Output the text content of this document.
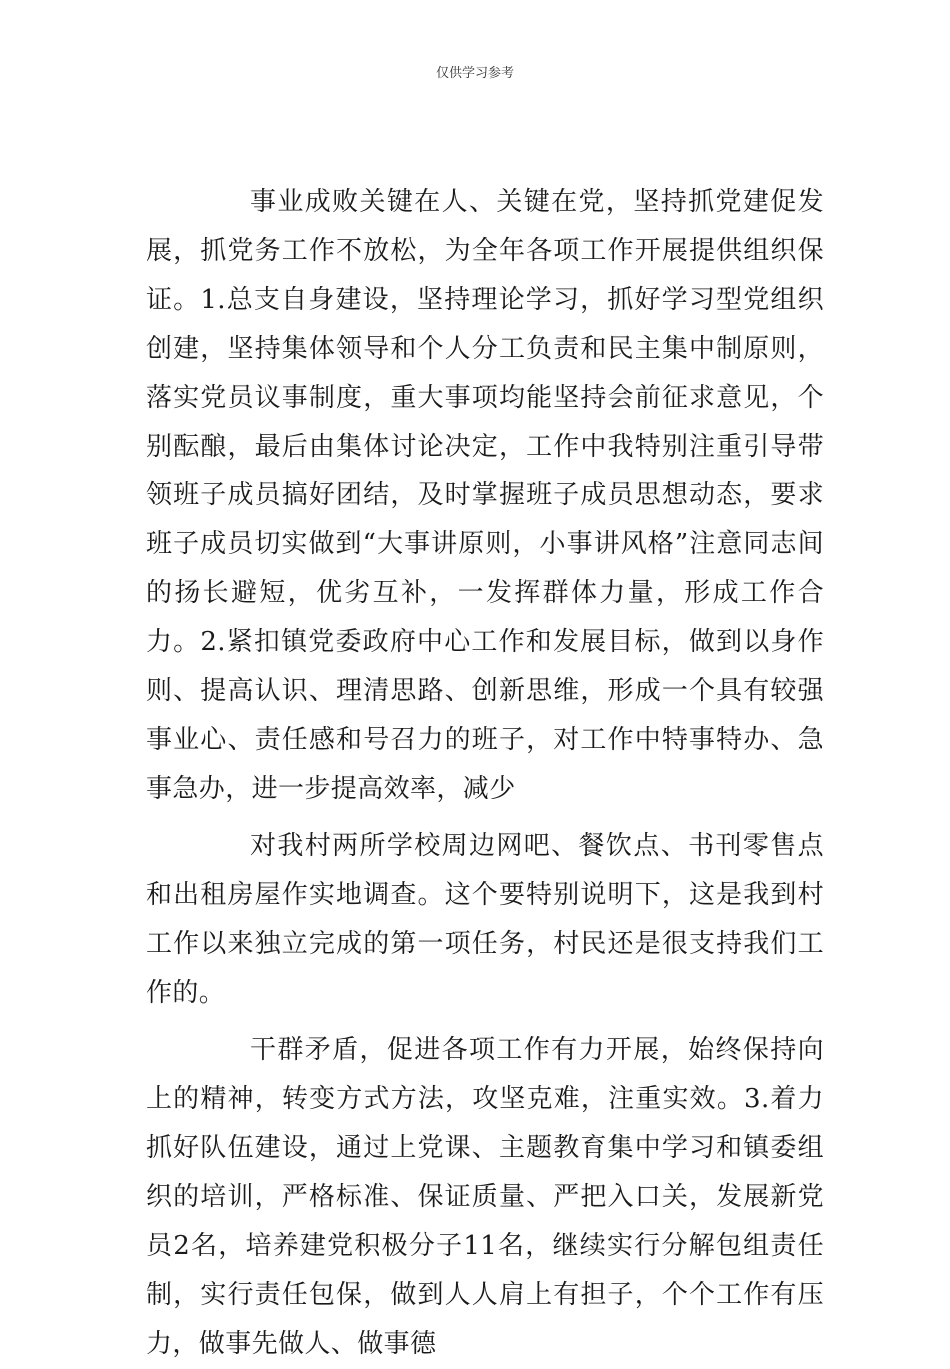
仅供学习参考

事业成败关键在人、关键在党，坚持抓党建促发展，抓党务工作不放松，为全年各项工作开展提供组织保证。1.总支自身建设，坚持理论学习，抓好学习型党组织创建，坚持集体领导和个人分工负责和民主集中制原则，落实党员议事制度，重大事项均能坚持会前征求意见，个别酝酿，最后由集体讨论决定，工作中我特别注重引导带领班子成员搞好团结，及时掌握班子成员思想动态，要求班子成员切实做到“大事讲原则，小事讲风格”注意同志间的扬长避短，优劣互补，一发挥群体力量，形成工作合力。2.紧扣镇党委政府中心工作和发展目标，做到以身作则、提高认识、理清思路、创新思维，形成一个具有较强事业心、责任感和号召力的班子，对工作中特事特办、急事急办，进一步提高效率，减少

对我村两所学校周边网吧、餐饮点、书刊零售点和出租房屋作实地调查。这个要特别说明下，这是我到村工作以来独立完成的第一项任务，村民还是很支持我们工作的。

干群矛盾，促进各项工作有力开展，始终保持向上的精神，转变方式方法，攻坚克难，注重实效。3.着力抓好队伍建设，通过上党课、主题教育集中学习和镇委组织的培训，严格标准、保证质量、严把入口关，发展新党员2名，培养建党积极分子11名，继续实行分解包组责任制，实行责任包保，做到人人肩上有担子，个个工作有压力，做事先做人、做事德
